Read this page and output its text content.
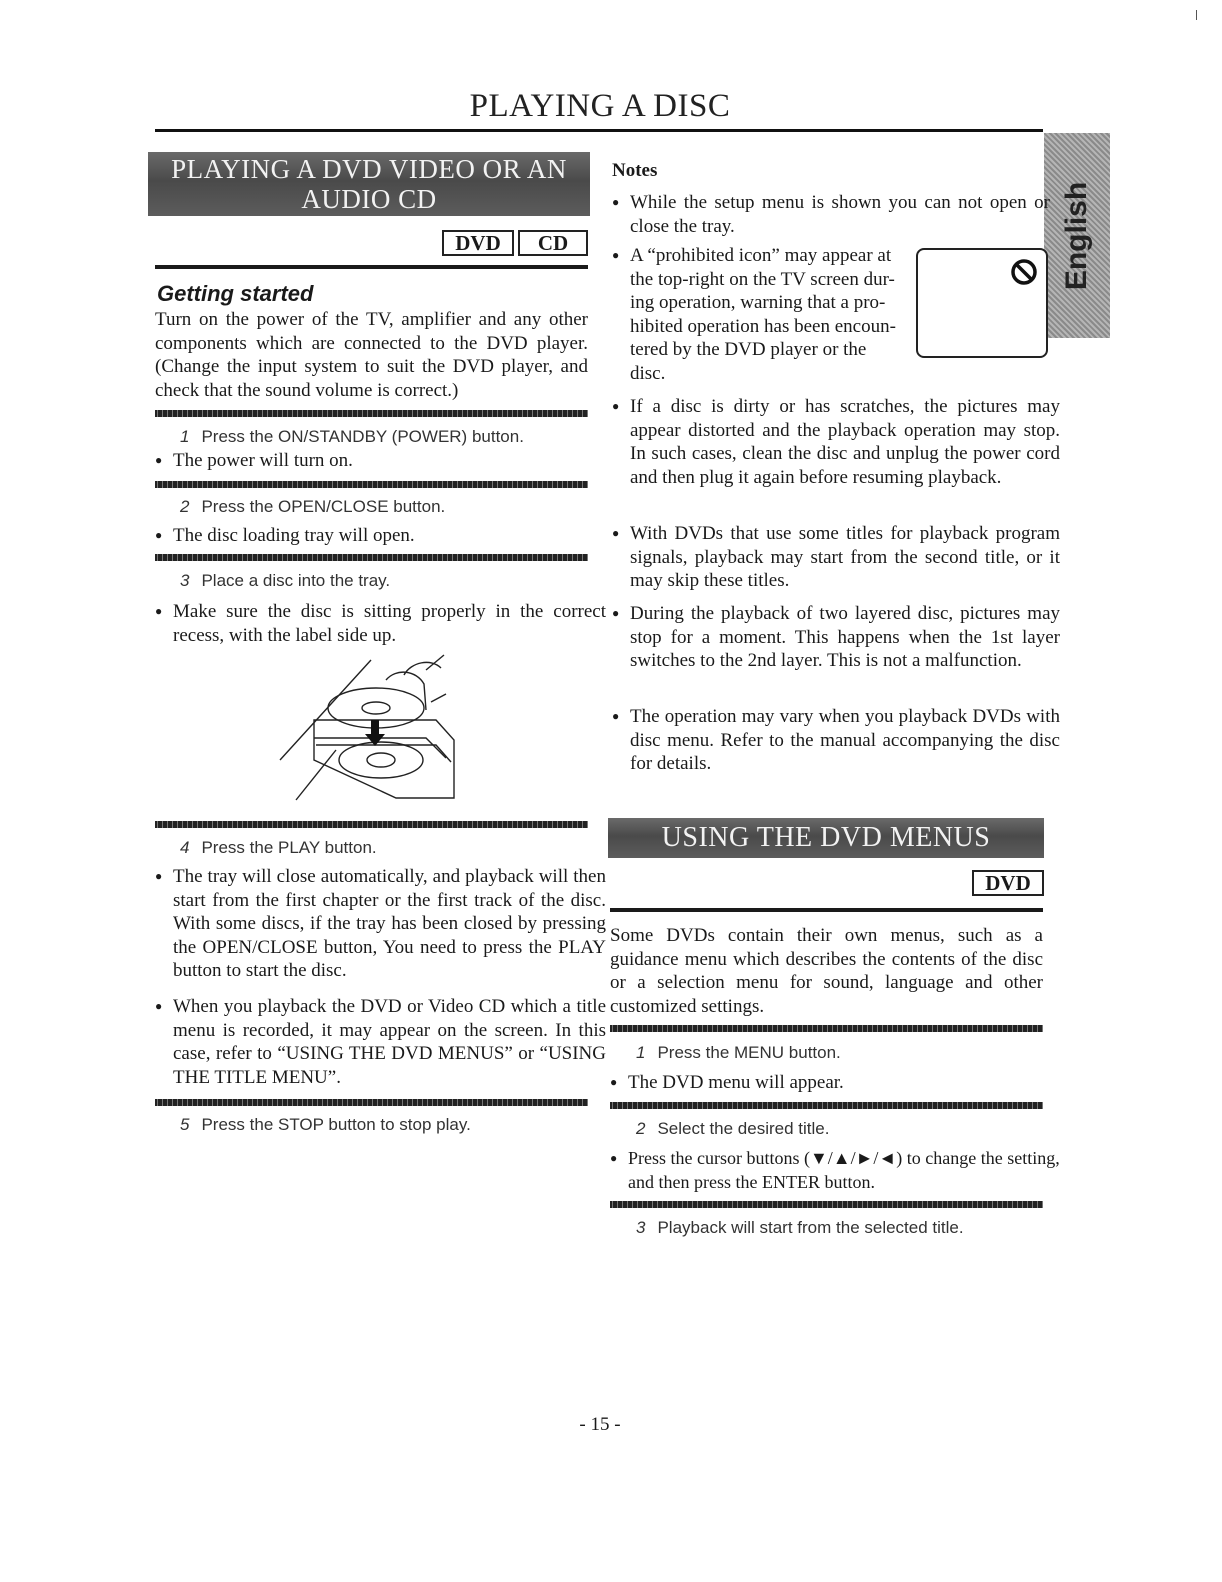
PLAYING A DISC
English
PLAYING A DVD VIDEO OR AN AUDIO CD
DVD	CD
Getting started
Turn on the power of the TV, amplifier and any other components which are connected to the DVD player. (Change the input system to suit the DVD player, and check that the sound volume is correct.)
1 Press the ON/STANDBY (POWER) button.
● The power will turn on.
2 Press the OPEN/CLOSE button.
● The disc loading tray will open.
3 Place a disc into the tray.
● Make sure the disc is sitting properly in the correct recess, with the label side up.
4 Press the PLAY button.
● The tray will close automatically, and playback will then start from the first chapter or the first track of the disc. With some discs, if the tray has been closed by pressing the OPEN/CLOSE button, You need to press the PLAY button to start the disc.
● When you playback the DVD or Video CD which a title menu is recorded, it may appear on the screen. In this case, refer to “USING THE DVD MENUS” or “USING THE TITLE MENU”.
5 Press the STOP button to stop play.
Notes
● While the setup menu is shown you can not open or close the tray.
● A “prohibited icon” may appear at
the top-right on the TV screen dur-
ing operation, warning that a pro-
hibited operation has been encoun-
tered by the DVD player or the
disc.
● If a disc is dirty or has scratches, the pictures may appear distorted and the playback operation may stop. In such cases, clean the disc and unplug the power cord and then plug it again before resuming playback.
● With DVDs that use some titles for playback program signals, playback may start from the second title, or it may skip these titles.
● During the playback of two layered disc, pictures may stop for a moment. This happens when the 1st layer switches to the 2nd layer. This is not a malfunction.
● The operation may vary when you playback DVDs with disc menu. Refer to the manual accompanying the disc for details.
USING THE DVD MENUS
DVD
Some DVDs contain their own menus, such as a guidance menu which describes the contents of the disc or a selection menu for sound, language and other customized settings.
1 Press the MENU button.
● The DVD menu will appear.
2 Select the desired title.
● Press the cursor buttons (▼/▲/►/◄) to change the setting, and then press the ENTER button.
3 Playback will start from the selected title.
- 15 -
